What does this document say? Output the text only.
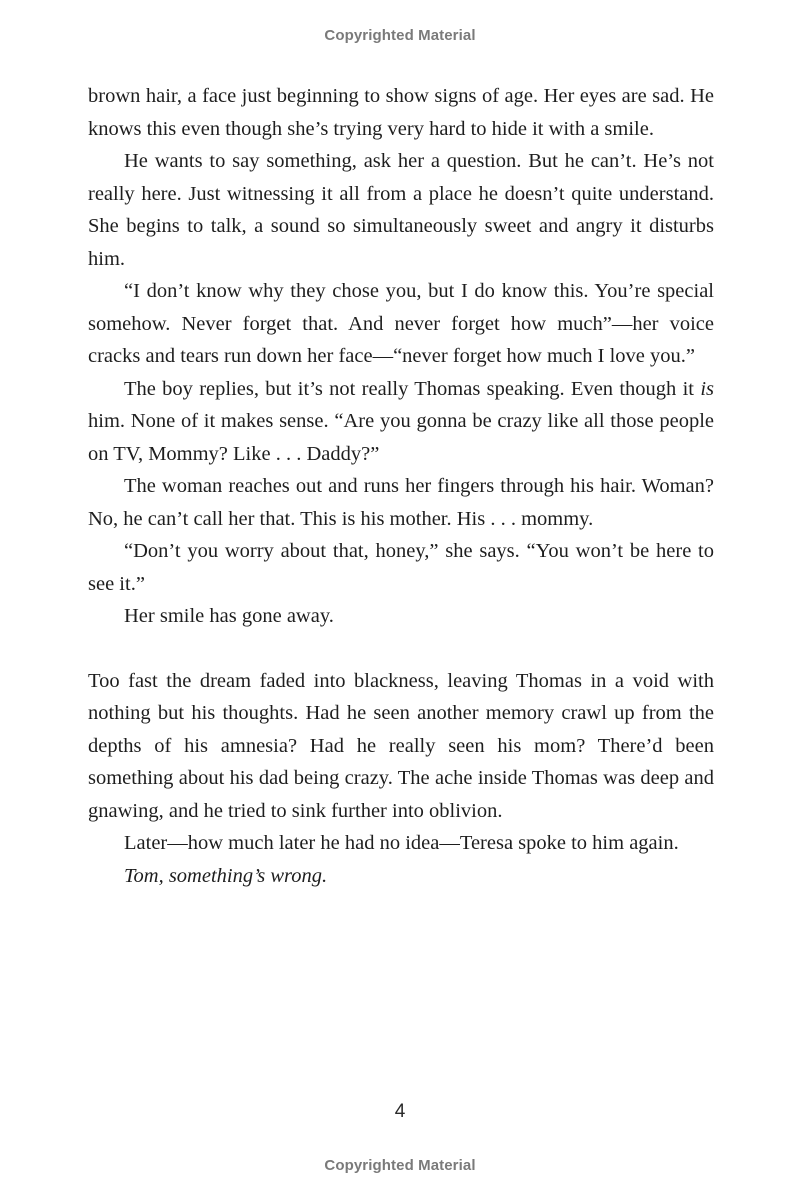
Copyrighted Material

brown hair, a face just beginning to show signs of age. Her eyes are sad. He knows this even though she’s trying very hard to hide it with a smile.

He wants to say something, ask her a question. But he can’t. He’s not really here. Just witnessing it all from a place he doesn’t quite understand. She begins to talk, a sound so simultaneously sweet and angry it disturbs him.

“I don’t know why they chose you, but I do know this. You’re special somehow. Never forget that. And never forget how much”—her voice cracks and tears run down her face—“never forget how much I love you.”

The boy replies, but it’s not really Thomas speaking. Even though it is him. None of it makes sense. “Are you gonna be crazy like all those people on TV, Mommy? Like . . . Daddy?”

The woman reaches out and runs her fingers through his hair. Woman? No, he can’t call her that. This is his mother. His . . . mommy.

“Don’t you worry about that, honey,” she says. “You won’t be here to see it.”

Her smile has gone away.

Too fast the dream faded into blackness, leaving Thomas in a void with nothing but his thoughts. Had he seen another memory crawl up from the depths of his amnesia? Had he really seen his mom? There’d been something about his dad being crazy. The ache inside Thomas was deep and gnawing, and he tried to sink further into oblivion.

Later—how much later he had no idea—Teresa spoke to him again.

Tom, something’s wrong.

4
Copyrighted Material
